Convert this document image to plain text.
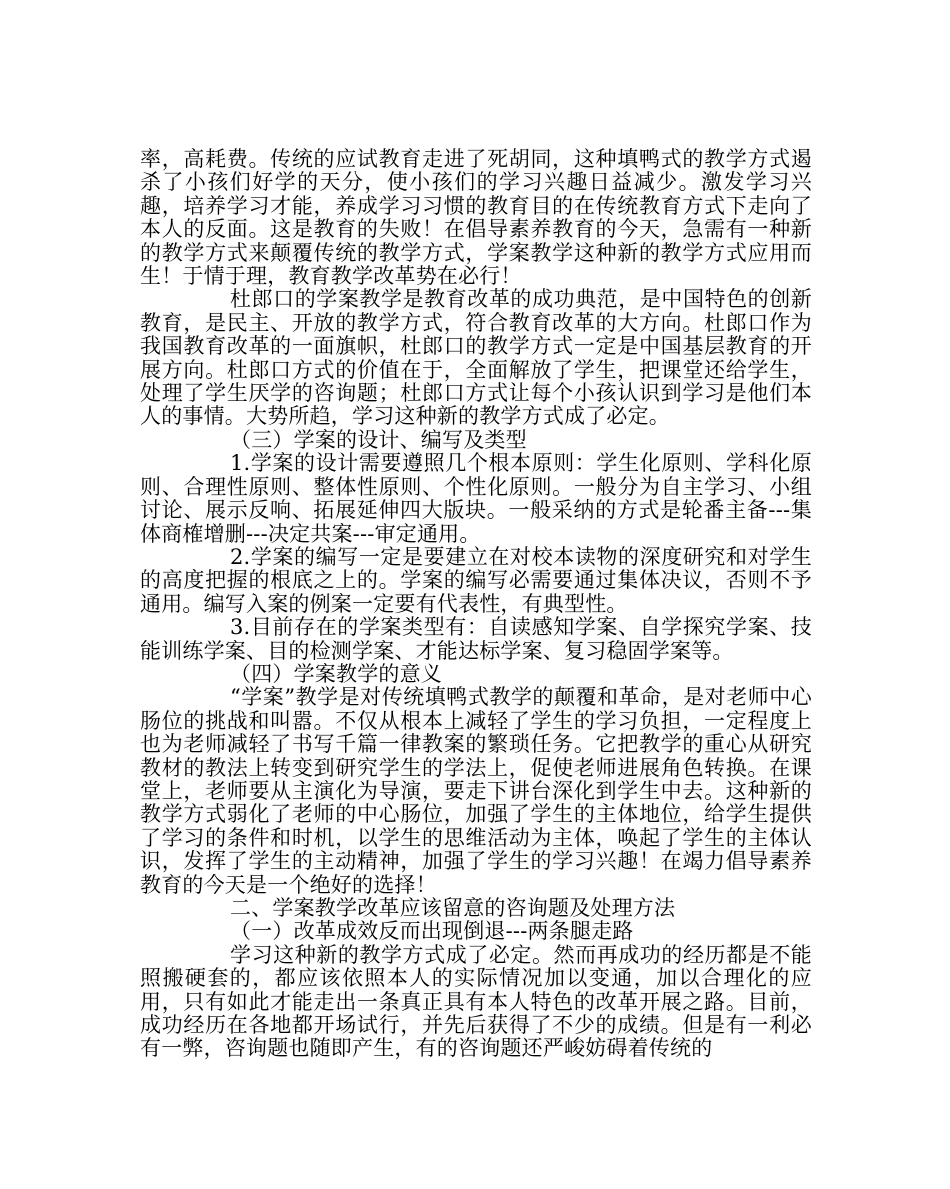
率，高耗费。传统的应试教育走进了死胡同，这种填鸭式的教学方式遏杀了小孩们好学的天分，使小孩们的学习兴趣日益减少。激发学习兴趣，培养学习才能，养成学习习惯的教育目的在传统教育方式下走向了本人的反面。这是教育的失败！在倡导素养教育的今天，急需有一种新的教学方式来颠覆传统的教学方式，学案教学这种新的教学方式应用而生！于情于理，教育教学改革势在必行！

杜郎口的学案教学是教育改革的成功典范，是中国特色的创新教育，是民主、开放的教学方式，符合教育改革的大方向。杜郎口作为我国教育改革的一面旗帜，杜郎口的教学方式一定是中国基层教育的开展方向。杜郎口方式的价值在于，全面解放了学生，把课堂还给学生，处理了学生厌学的咨询题；杜郎口方式让每个小孩认识到学习是他们本人的事情。大势所趋，学习这种新的教学方式成了必定。

（三）学案的设计、编写及类型

1.学案的设计需要遵照几个根本原则：学生化原则、学科化原则、合理性原则、整体性原则、个性化原则。一般分为自主学习、小组讨论、展示反响、拓展延伸四大版块。一般采纳的方式是轮番主备---集体商榷增删---决定共案---审定通用。

2.学案的编写一定是要建立在对校本读物的深度研究和对学生的高度把握的根底之上的。学案的编写必需要通过集体决议，否则不予通用。编写入案的例案一定要有代表性，有典型性。

3.目前存在的学案类型有：自读感知学案、自学探究学案、技能训练学案、目的检测学案、才能达标学案、复习稳固学案等。

（四）学案教学的意义

“学案”教学是对传统填鸭式教学的颠覆和革命，是对老师中心肠位的挑战和叫嚣。不仅从根本上减轻了学生的学习负担，一定程度上也为老师减轻了书写千篇一律教案的繁琐任务。它把教学的重心从研究教材的教法上转变到研究学生的学法上，促使老师进展角色转换。在课堂上，老师要从主演化为导演，要走下讲台深化到学生中去。这种新的教学方式弱化了老师的中心肠位，加强了学生的主体地位，给学生提供了学习的条件和时机，以学生的思维活动为主体，唤起了学生的主体认识，发挥了学生的主动精神，加强了学生的学习兴趣！在竭力倡导素养教育的今天是一个绝好的选择！

二、学案教学改革应该留意的咨询题及处理方法

（一）改革成效反而出现倒退---两条腿走路

学习这种新的教学方式成了必定。然而再成功的经历都是不能照搬硬套的，都应该依照本人的实际情况加以变通，加以合理化的应用，只有如此才能走出一条真正具有本人特色的改革开展之路。目前，成功经历在各地都开场试行，并先后获得了不少的成绩。但是有一利必有一弊，咨询题也随即产生，有的咨询题还严峻妨碍着传统的
